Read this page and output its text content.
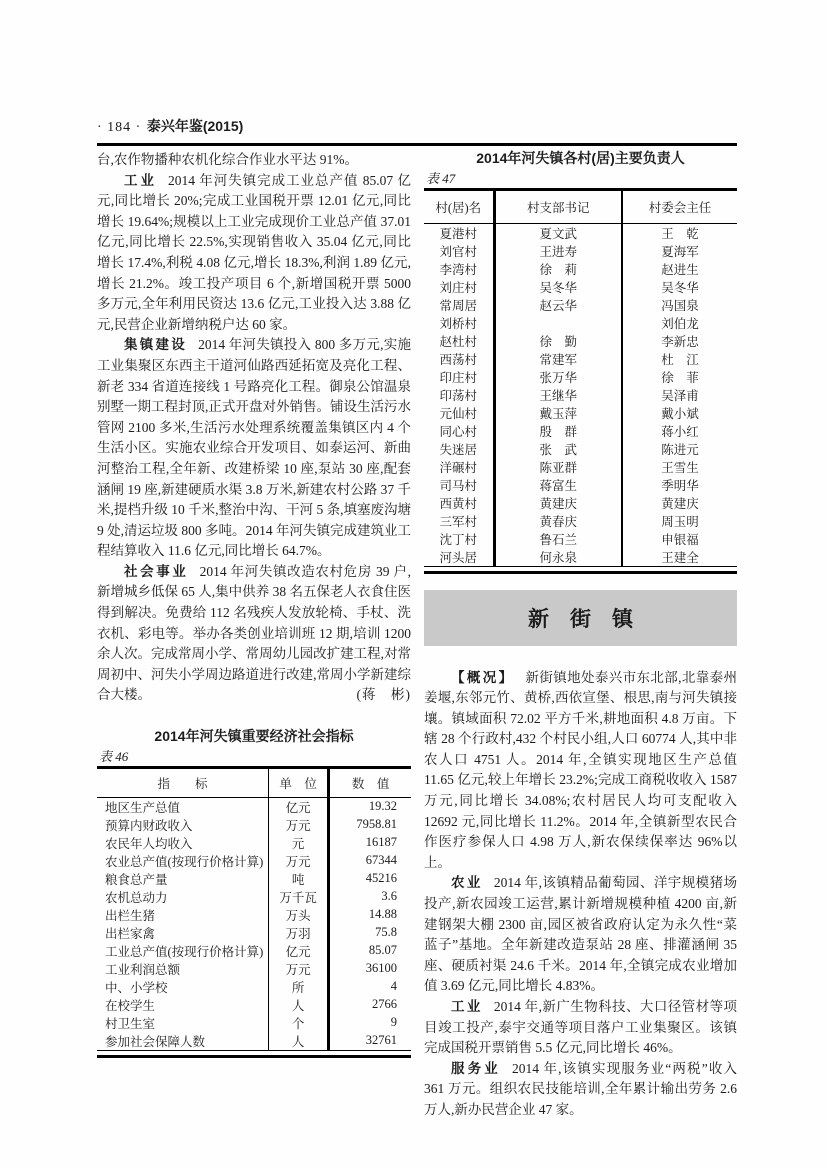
· 184 · 泰兴年鉴(2015)

台,农作物播种农机化综合作业水平达 91%。

工业 2014 年河失镇完成工业总产值 85.07 亿元,同比增长 20%;完成工业国税开票 12.01 亿元,同比增长 19.64%;规模以上工业完成现价工业总产值 37.01 亿元,同比增长 22.5%,实现销售收入 35.04 亿元,同比增长 17.4%,利税 4.08 亿元,增长 18.3%,利润 1.89 亿元,增长 21.2%。竣工投产项目 6 个,新增国税开票 5000 多万元,全年利用民资达 13.6 亿元,工业投入达 3.88 亿元,民营企业新增纳税户达 60 家。

集镇建设 2014 年河失镇投入 800 多万元,实施工业集聚区东西主干道河仙路西延拓宽及亮化工程、新老 334 省道连接线 1 号路亮化工程。御泉公馆温泉别墅一期工程封顶,正式开盘对外销售。铺设生活污水管网 2100 多米,生活污水处理系统覆盖集镇区内 4 个生活小区。实施农业综合开发项目、如泰运河、新曲河整治工程,全年新、改建桥梁 10 座,泵站 30 座,配套涵闸 19 座,新建硬质水渠 3.8 万米,新建农村公路 37 千米,提档升级 10 千米,整治中沟、干河 5 条,填塞废沟塘 9 处,清运垃圾 800 多吨。2014 年河失镇完成建筑业工程结算收入 11.6 亿元,同比增长 64.7%。

社会事业 2014 年河失镇改造农村危房 39 户,新增城乡低保 65 人,集中供养 38 名五保老人衣食住医得到解决。免费给 112 名残疾人发放轮椅、手杖、洗衣机、彩电等。举办各类创业培训班 12 期,培训 1200 余人次。完成常周小学、常周幼儿园改扩建工程,对常周初中、河失小学周边路道进行改建,常周小学新建综合大楼。	(蒋　彬)

2014年河失镇重要经济社会指标
表 46
指　　标	单　位	数　值
地区生产总值	亿元	19.32
预算内财政收入	万元	7958.81
农民年人均收入	元	16187
农业总产值(按现行价格计算)	万元	67344
粮食总产量	吨	45216
农机总动力	万千瓦	3.6
出栏生猪	万头	14.88
出栏家禽	万羽	75.8
工业总产值(按现行价格计算)	亿元	85.07
工业利润总额	万元	36100
中、小学校	所	4
在校学生	人	2766
村卫生室	个	9
参加社会保障人数	人	32761
2014年河失镇各村(居)主要负责人
表 47
村(居)名	村支部书记	村委会主任
夏港村	夏文武	王　乾
刘官村	王进寿	夏海军
李湾村	徐　莉	赵进生
刘庄村	吴冬华	吴冬华
常周居	赵云华	冯国泉
刘桥村		刘伯龙
赵杜村	徐　勤	李新忠
西荡村	常建军	杜　江
印庄村	张万华	徐　菲
印荡村	王继华	吴泽甫
元仙村	戴玉萍	戴小斌
同心村	殷　群	蒋小红
失迷居	张　武	陈进元
洋碾村	陈亚群	王雪生
司马村	蒋富生	季明华
西黄村	黄建庆	黄建庆
三军村	黄春庆	周玉明
沈丁村	鲁石兰	申银福
河头居	何永泉	王建全
新　街　镇

【概况】 新街镇地处泰兴市东北部,北靠泰州姜堰,东邻元竹、黄桥,西依宣堡、根思,南与河失镇接壤。镇域面积 72.02 平方千米,耕地面积 4.8 万亩。下辖 28 个行政村,432 个村民小组,人口 60774 人,其中非农人口 4751 人。2014 年,全镇实现地区生产总值 11.65 亿元,较上年增长 23.2%;完成工商税收收入 1587 万元,同比增长 34.08%;农村居民人均可支配收入 12692 元,同比增长 11.2%。2014 年,全镇新型农民合作医疗参保人口 4.98 万人,新农保续保率达 96%以上。

农业 2014 年,该镇精品葡萄园、洋宇规模猪场投产,新农园竣工运营,累计新增规模种植 4200 亩,新建钢架大棚 2300 亩,园区被省政府认定为永久性“菜蓝子”基地。全年新建改造泵站 28 座、排灌涵闸 35 座、硬质衬渠 24.6 千米。2014 年,全镇完成农业增加值 3.69 亿元,同比增长 4.83%。

工业 2014 年,新广生物科技、大口径管材等项目竣工投产,泰宇交通等项目落户工业集聚区。该镇完成国税开票销售 5.5 亿元,同比增长 46%。

服务业 2014 年,该镇实现服务业“两税”收入 361 万元。组织农民技能培训,全年累计输出劳务 2.6 万人,新办民营企业 47 家。
